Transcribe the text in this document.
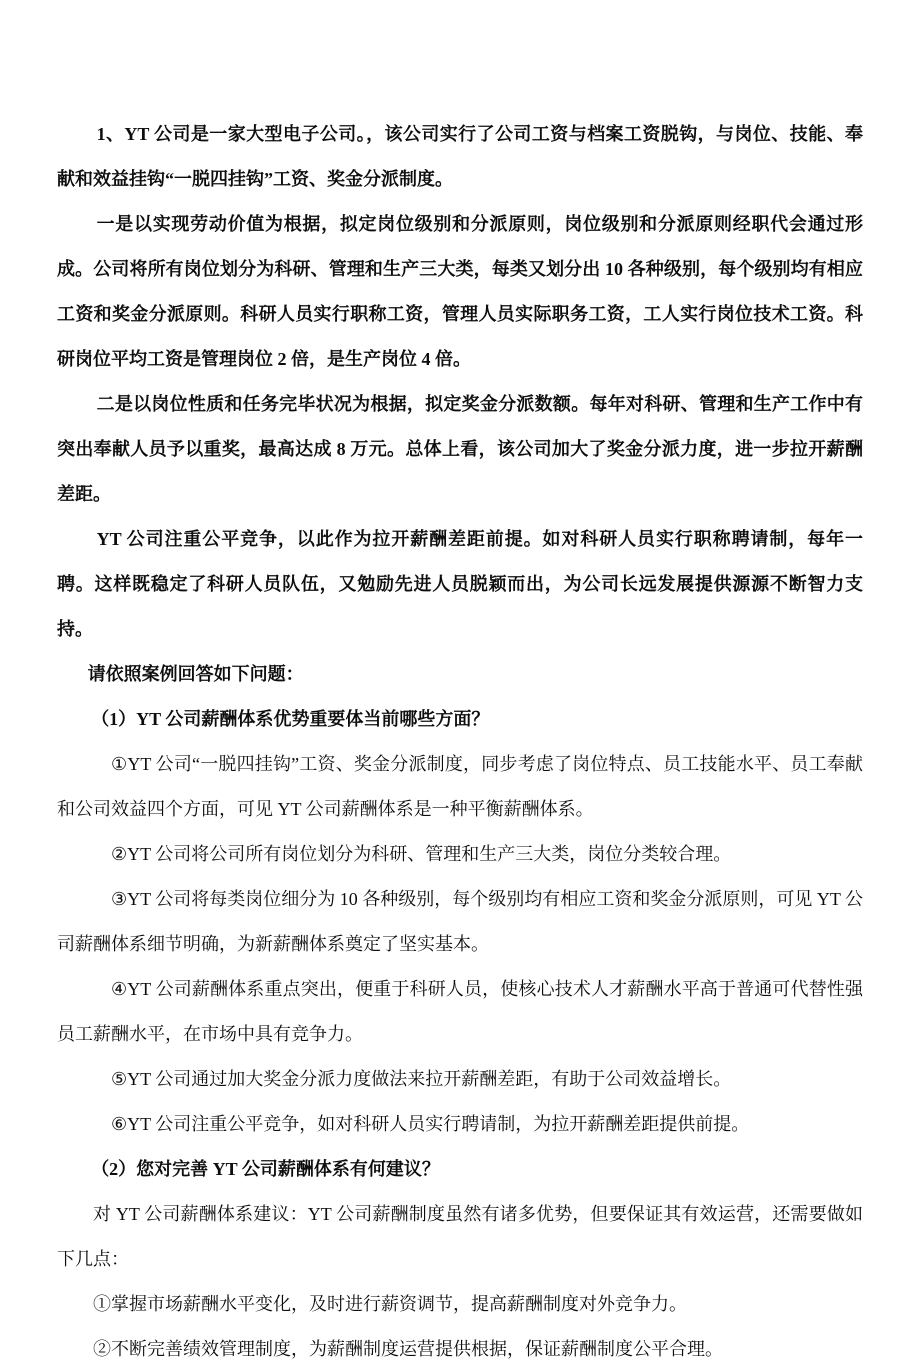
1、YT 公司是一家大型电子公司。，该公司实行了公司工资与档案工资脱钩，与岗位、技能、奉献和效益挂钩“一脱四挂钩”工资、奖金分派制度。

一是以实现劳动价值为根据，拟定岗位级别和分派原则，岗位级别和分派原则经职代会通过形成。公司将所有岗位划分为科研、管理和生产三大类，每类又划分出 10 各种级别，每个级别均有相应工资和奖金分派原则。科研人员实行职称工资，管理人员实际职务工资，工人实行岗位技术工资。科研岗位平均工资是管理岗位 2 倍，是生产岗位 4 倍。

二是以岗位性质和任务完毕状况为根据，拟定奖金分派数额。每年对科研、管理和生产工作中有突出奉献人员予以重奖，最高达成 8 万元。总体上看，该公司加大了奖金分派力度，进一步拉开薪酬差距。

YT 公司注重公平竞争，以此作为拉开薪酬差距前提。如对科研人员实行职称聘请制，每年一聘。这样既稳定了科研人员队伍，又勉励先进人员脱颖而出，为公司长远发展提供源源不断智力支持。

请依照案例回答如下问题：

（1）YT 公司薪酬体系优势重要体当前哪些方面？

①YT 公司“一脱四挂钩”工资、奖金分派制度，同步考虑了岗位特点、员工技能水平、员工奉献和公司效益四个方面，可见 YT 公司薪酬体系是一种平衡薪酬体系。

②YT 公司将公司所有岗位划分为科研、管理和生产三大类，岗位分类较合理。

③YT 公司将每类岗位细分为 10 各种级别，每个级别均有相应工资和奖金分派原则，可见 YT 公司薪酬体系细节明确，为新薪酬体系奠定了坚实基本。

④YT 公司薪酬体系重点突出，便重于科研人员，使核心技术人才薪酬水平高于普通可代替性强 员工薪酬水平，在市场中具有竞争力。

⑤YT 公司通过加大奖金分派力度做法来拉开薪酬差距，有助于公司效益增长。

⑥YT 公司注重公平竞争，如对科研人员实行聘请制，为拉开薪酬差距提供前提。

（2）您对完善 YT 公司薪酬体系有何建议？

对 YT 公司薪酬体系建议：YT 公司薪酬制度虽然有诸多优势，但要保证其有效运营，还需要做如下几点：

①掌握市场薪酬水平变化，及时进行薪资调节，提高薪酬制度对外竞争力。

②不断完善绩效管理制度，为薪酬制度运营提供根据，保证薪酬制度公平合理。
